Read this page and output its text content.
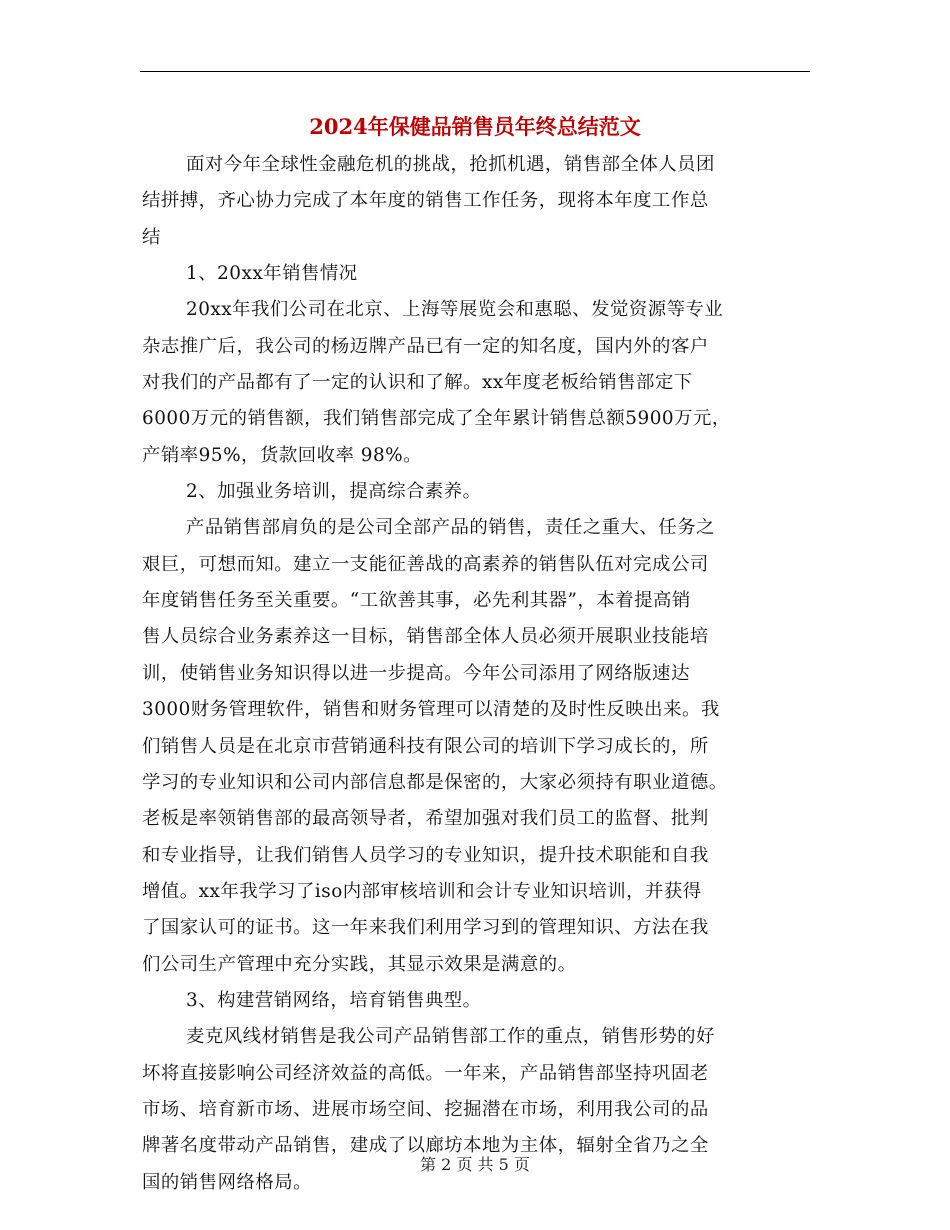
2024年保健品销售员年终总结范文
面对今年全球性金融危机的挑战，抢抓机遇，销售部全体人员团
结拼搏，齐心协力完成了本年度的销售工作任务，现将本年度工作总
结
1、20xx年销售情况
20xx年我们公司在北京、上海等展览会和惠聪、发觉资源等专业
杂志推广后，我公司的杨迈牌产品已有一定的知名度，国内外的客户
对我们的产品都有了一定的认识和了解。xx年度老板给销售部定下
6000万元的销售额，我们销售部完成了全年累计销售总额5900万元，
产销率95%，货款回收率 98%。
2、加强业务培训，提高综合素养。
产品销售部肩负的是公司全部产品的销售，责任之重大、任务之
艰巨，可想而知。建立一支能征善战的高素养的销售队伍对完成公司
年度销售任务至关重要。“工欲善其事，必先利其器”，本着提高销
售人员综合业务素养这一目标，销售部全体人员必须开展职业技能培
训，使销售业务知识得以进一步提高。今年公司添用了网络版速达
3000财务管理软件，销售和财务管理可以清楚的及时性反映出来。我
们销售人员是在北京市营销通科技有限公司的培训下学习成长的，所
学习的专业知识和公司内部信息都是保密的，大家必须持有职业道德。
老板是率领销售部的最高领导者，希望加强对我们员工的监督、批判
和专业指导，让我们销售人员学习的专业知识，提升技术职能和自我
增值。xx年我学习了iso内部审核培训和会计专业知识培训，并获得
了国家认可的证书。这一年来我们利用学习到的管理知识、方法在我
们公司生产管理中充分实践，其显示效果是满意的。
3、构建营销网络，培育销售典型。
麦克风线材销售是我公司产品销售部工作的重点，销售形势的好
坏将直接影响公司经济效益的高低。一年来，产品销售部坚持巩固老
市场、培育新市场、进展市场空间、挖掘潜在市场，利用我公司的品
牌著名度带动产品销售，建成了以廊坊本地为主体，辐射全省乃之全
国的销售网络格局。
第 2 页 共 5 页
